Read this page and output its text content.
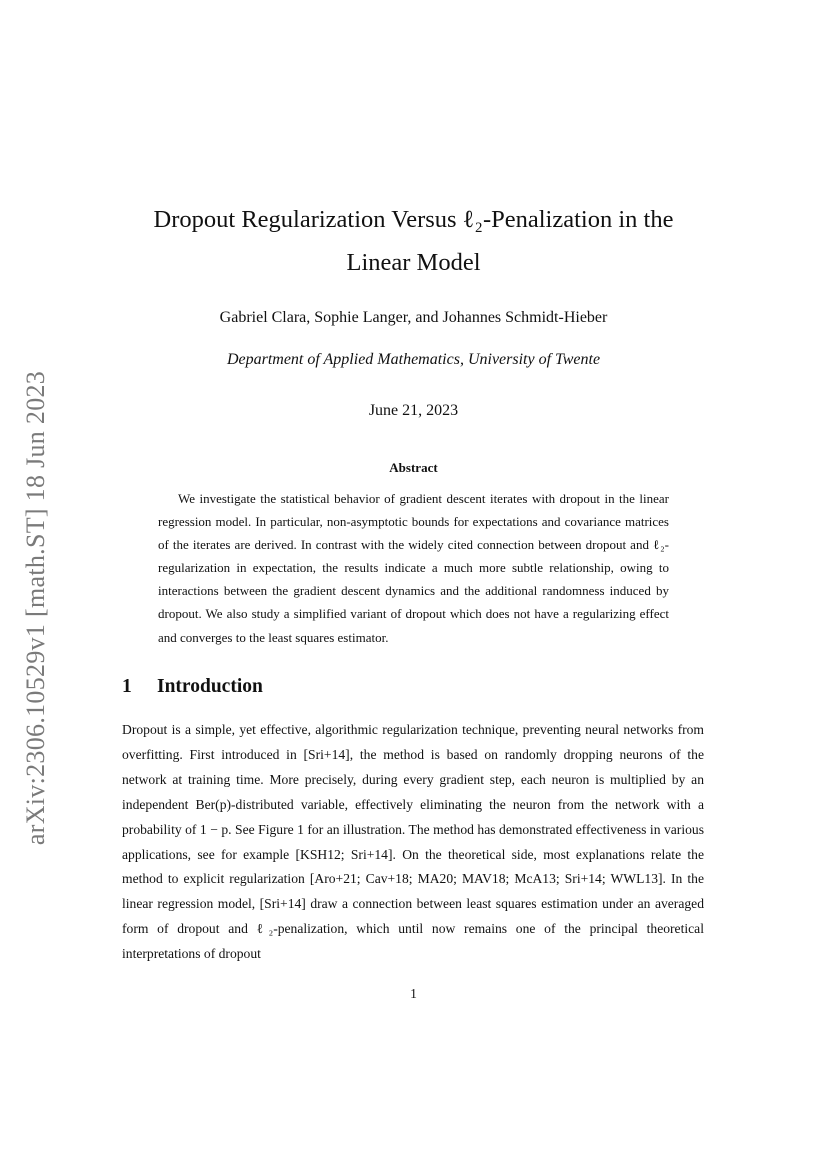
arXiv:2306.10529v1 [math.ST] 18 Jun 2023
Dropout Regularization Versus ℓ₂-Penalization in the Linear Model
Gabriel Clara, Sophie Langer, and Johannes Schmidt-Hieber
Department of Applied Mathematics, University of Twente
June 21, 2023
Abstract

We investigate the statistical behavior of gradient descent iterates with dropout in the linear regression model. In particular, non-asymptotic bounds for expectations and covariance matrices of the iterates are derived. In contrast with the widely cited connection between dropout and ℓ₂-regularization in expectation, the results indicate a much more subtle relationship, owing to interactions between the gradient descent dynamics and the additional randomness induced by dropout. We also study a simplified variant of dropout which does not have a regularizing effect and converges to the least squares estimator.

1 Introduction

Dropout is a simple, yet effective, algorithmic regularization technique, preventing neural networks from overfitting. First introduced in [Sri+14], the method is based on randomly dropping neurons of the network at training time. More precisely, during every gradient step, each neuron is multiplied by an independent Ber(p)-distributed variable, effectively eliminating the neuron from the network with a probability of 1 − p. See Figure 1 for an illustration. The method has demonstrated effectiveness in various applications, see for example [KSH12; Sri+14]. On the theoretical side, most explanations relate the method to explicit regularization [Aro+21; Cav+18; MA20; MAV18; McA13; Sri+14; WWL13]. In the linear regression model, [Sri+14] draw a connection between least squares estimation under an averaged form of dropout and ℓ₂-penalization, which until now remains one of the principal theoretical interpretations of dropout

1
